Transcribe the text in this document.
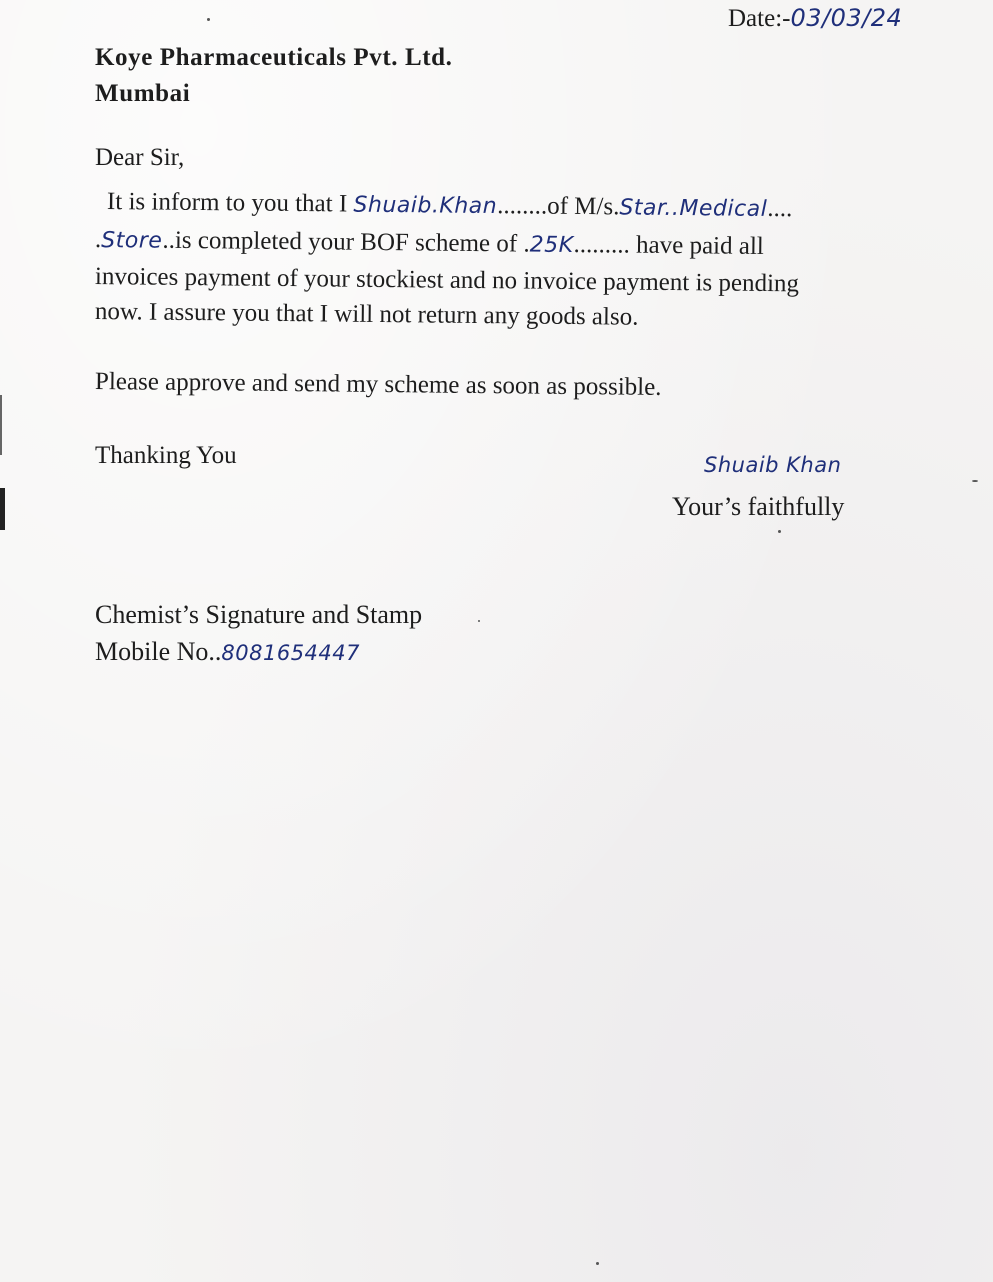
Date:-03/03/24
Koye Pharmaceuticals Pvt. Ltd.
Mumbai
Dear Sir,
It is inform to you that I Shuaib.Khan........of M/s.Star..Medical....
.Store..is completed your BOF scheme of .25K......... have paid all
invoices payment of your stockiest and no invoice payment is pending
now. I assure you that I will not return any goods also.
Please approve and send my scheme as soon as possible.
Thanking You	Shuaib Khan
Your’s faithfully
Chemist’s Signature and Stamp
Mobile No..8081654447
